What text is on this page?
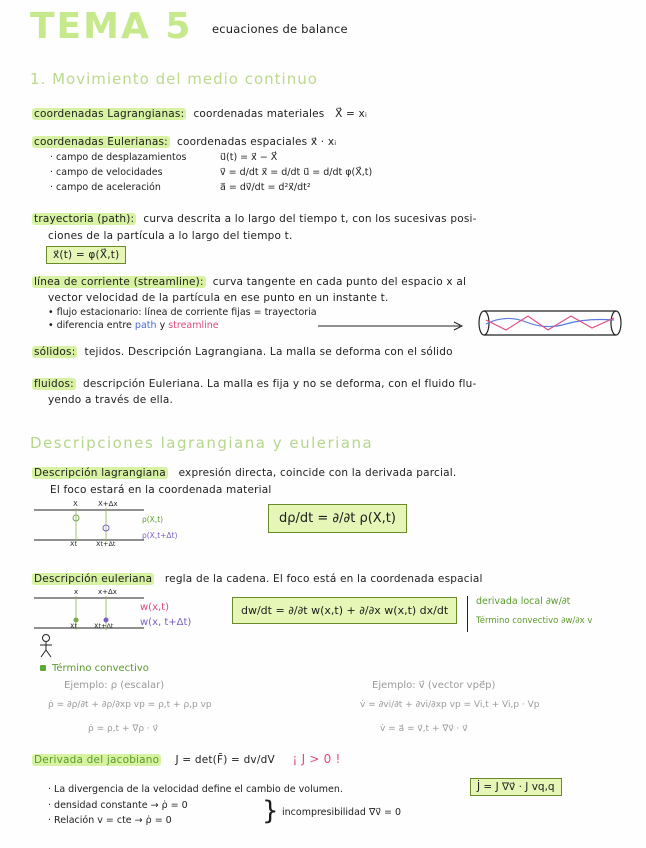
TEMA 5 ecuaciones de balance
1. Movimiento del medio continuo
coordenadas Lagrangianas: coordenadas materiales X⃗ = xᵢ
coordenadas Eulerianas: coordenadas espaciales x⃗ · xᵢ
· campo de desplazamientos	u⃗(t) = x⃗ − X⃗
· campo de velocidades	v⃗ = d/dt x⃗ = d/dt u⃗ = d/dt φ(X⃗,t)
· campo de aceleración	a⃗ = dv⃗/dt = d²x⃗/dt²
trayectoria (path): curva descrita a lo largo del tiempo t, con los sucesivas posi-
ciones de la partícula a lo largo del tiempo t.
x⃗(t) = φ(X⃗,t)
línea de corriente (streamline): curva tangente en cada punto del espacio x al
vector velocidad de la partícula en ese punto en un instante t.
• flujo estacionario: línea de corriente fijas = trayectoria
• diferencia entre path y streamline
sólidos: tejidos. Descripción Lagrangiana. La malla se deforma con el sólido
fluidos: descripción Euleriana. La malla es fija y no se deforma, con el fluido flu-
yendo a través de ella.
Descripciones lagrangiana y euleriana
Descripción lagrangiana expresión directa, coincide con la derivada parcial.
El foco estará en la coordenada material
X	X+Δx
ρ(X,t)
ρ(X,t+Δt)
Xt	Xt+Δt
dρ/dt = ∂/∂t ρ(X,t)
Descripción euleriana regla de la cadena. El foco está en la coordenada espacial
x	x+Δx
w(x,t)
w(x, t+Δt)
Xt	Xt+Δt
dw/dt = ∂/∂t w(x,t) + ∂/∂x w(x,t) dx/dt
derivada local ∂w/∂t
Término convectivo ∂w/∂x v
Término convectivo
Ejemplo: ρ (escalar)
ρ̇ = ∂ρ/∂t + ∂ρ/∂xp vp = ρ,t + ρ,p vp
ρ̇ = ρ,t + ∇ρ · v⃗
Ejemplo: v⃗ (vector vpe⃗p)
v̇ = ∂vi/∂t + ∂vi/∂xp vp = Vi,t + Vi,p · Vp
v̇ = a⃗ = v⃗,t + ∇v⃗ · v⃗
Derivada del jacobiano J = det(F̄) = dv/dV ¡ J > 0 !
· La divergencia de la velocidad define el cambio de volumen.	J̇ = J ∇v⃗ · J vq,q
· densidad constante → ρ̇ = 0
· Relación v = cte → ρ̇ = 0	} incompresibilidad ∇v⃗ = 0
